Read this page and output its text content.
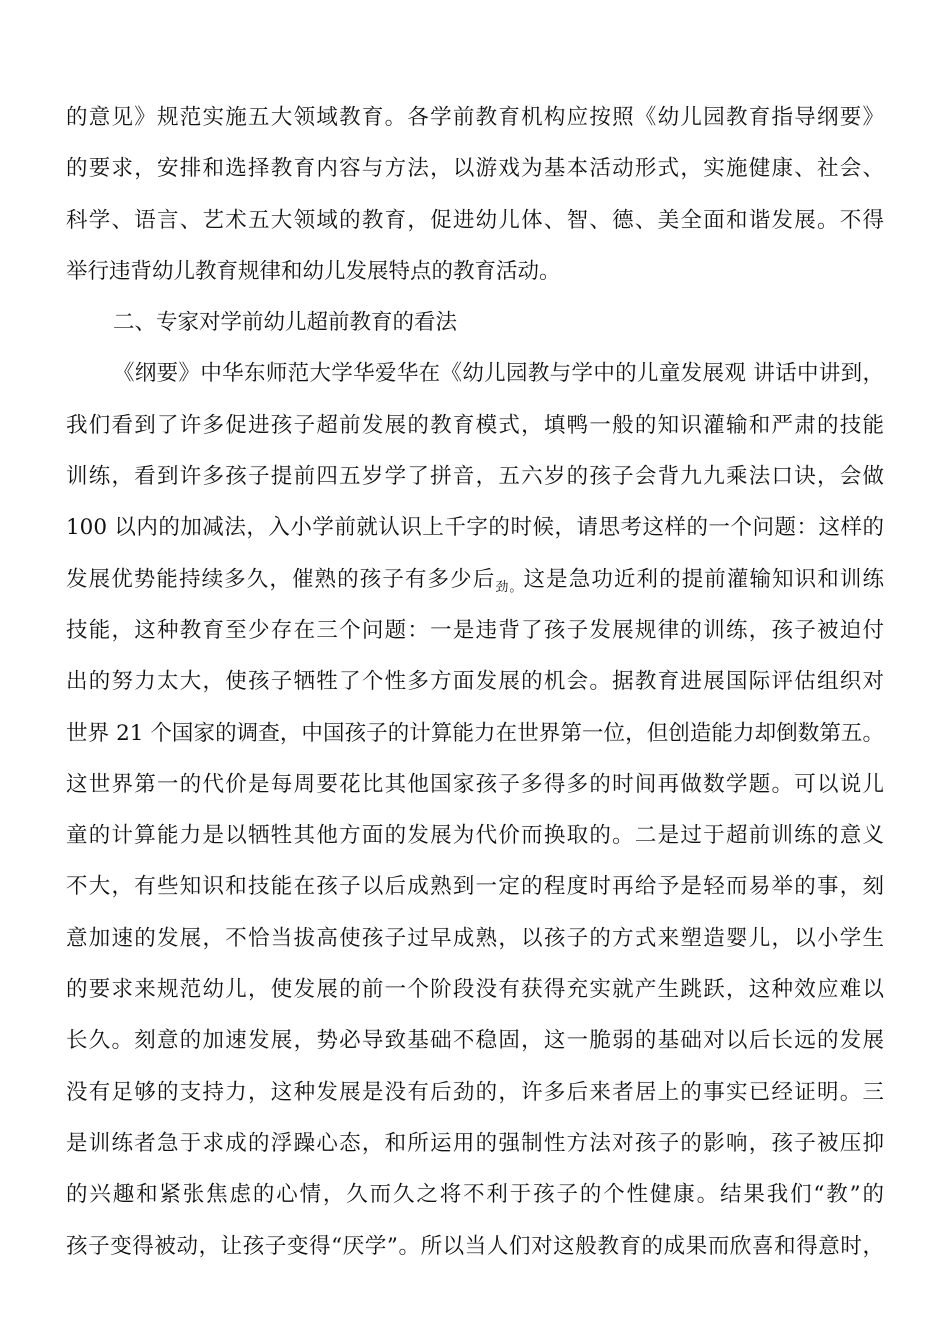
的意见》规范实施五大领域教育。各学前教育机构应按照《幼儿园教育指导纲要》
的要求，安排和选择教育内容与方法，以游戏为基本活动形式，实施健康、社会、
科学、语言、艺术五大领域的教育，促进幼儿体、智、德、美全面和谐发展。不得
举行违背幼儿教育规律和幼儿发展特点的教育活动。
二、专家对学前幼儿超前教育的看法
《纲要》中华东师范大学华爱华在《幼儿园教与学中的儿童发展观 讲话中讲到，
我们看到了许多促进孩子超前发展的教育模式，填鸭一般的知识灌输和严肃的技能
训练，看到许多孩子提前四五岁学了拼音，五六岁的孩子会背九九乘法口诀，会做
100 以内的加减法，入小学前就认识上千字的时候，请思考这样的一个问题：这样的
发展优势能持续多久，催熟的孩子有多少后$_{劲。}$这是急功近利的提前灌输知识和训练
技能，这种教育至少存在三个问题：一是违背了孩子发展规律的训练，孩子被迫付
出的努力太大，使孩子牺牲了个性多方面发展的机会。据教育进展国际评估组织对
世界 21 个国家的调查，中国孩子的计算能力在世界第一位，但创造能力却倒数第五。
这世界第一的代价是每周要花比其他国家孩子多得多的时间再做数学题。可以说儿
童的计算能力是以牺牲其他方面的发展为代价而换取的。二是过于超前训练的意义
不大，有些知识和技能在孩子以后成熟到一定的程度时再给予是轻而易举的事，刻
意加速的发展，不恰当拔高使孩子过早成熟，以孩子的方式来塑造婴儿，以小学生
的要求来规范幼儿，使发展的前一个阶段没有获得充实就产生跳跃，这种效应难以
长久。刻意的加速发展，势必导致基础不稳固，这一脆弱的基础对以后长远的发展
没有足够的支持力，这种发展是没有后劲的，许多后来者居上的事实已经证明。三
是训练者急于求成的浮躁心态，和所运用的强制性方法对孩子的影响，孩子被压抑
的兴趣和紧张焦虑的心情，久而久之将不利于孩子的个性健康。结果我们“教”的
孩子变得被动，让孩子变得“厌学”。所以当人们对这般教育的成果而欣喜和得意时，
